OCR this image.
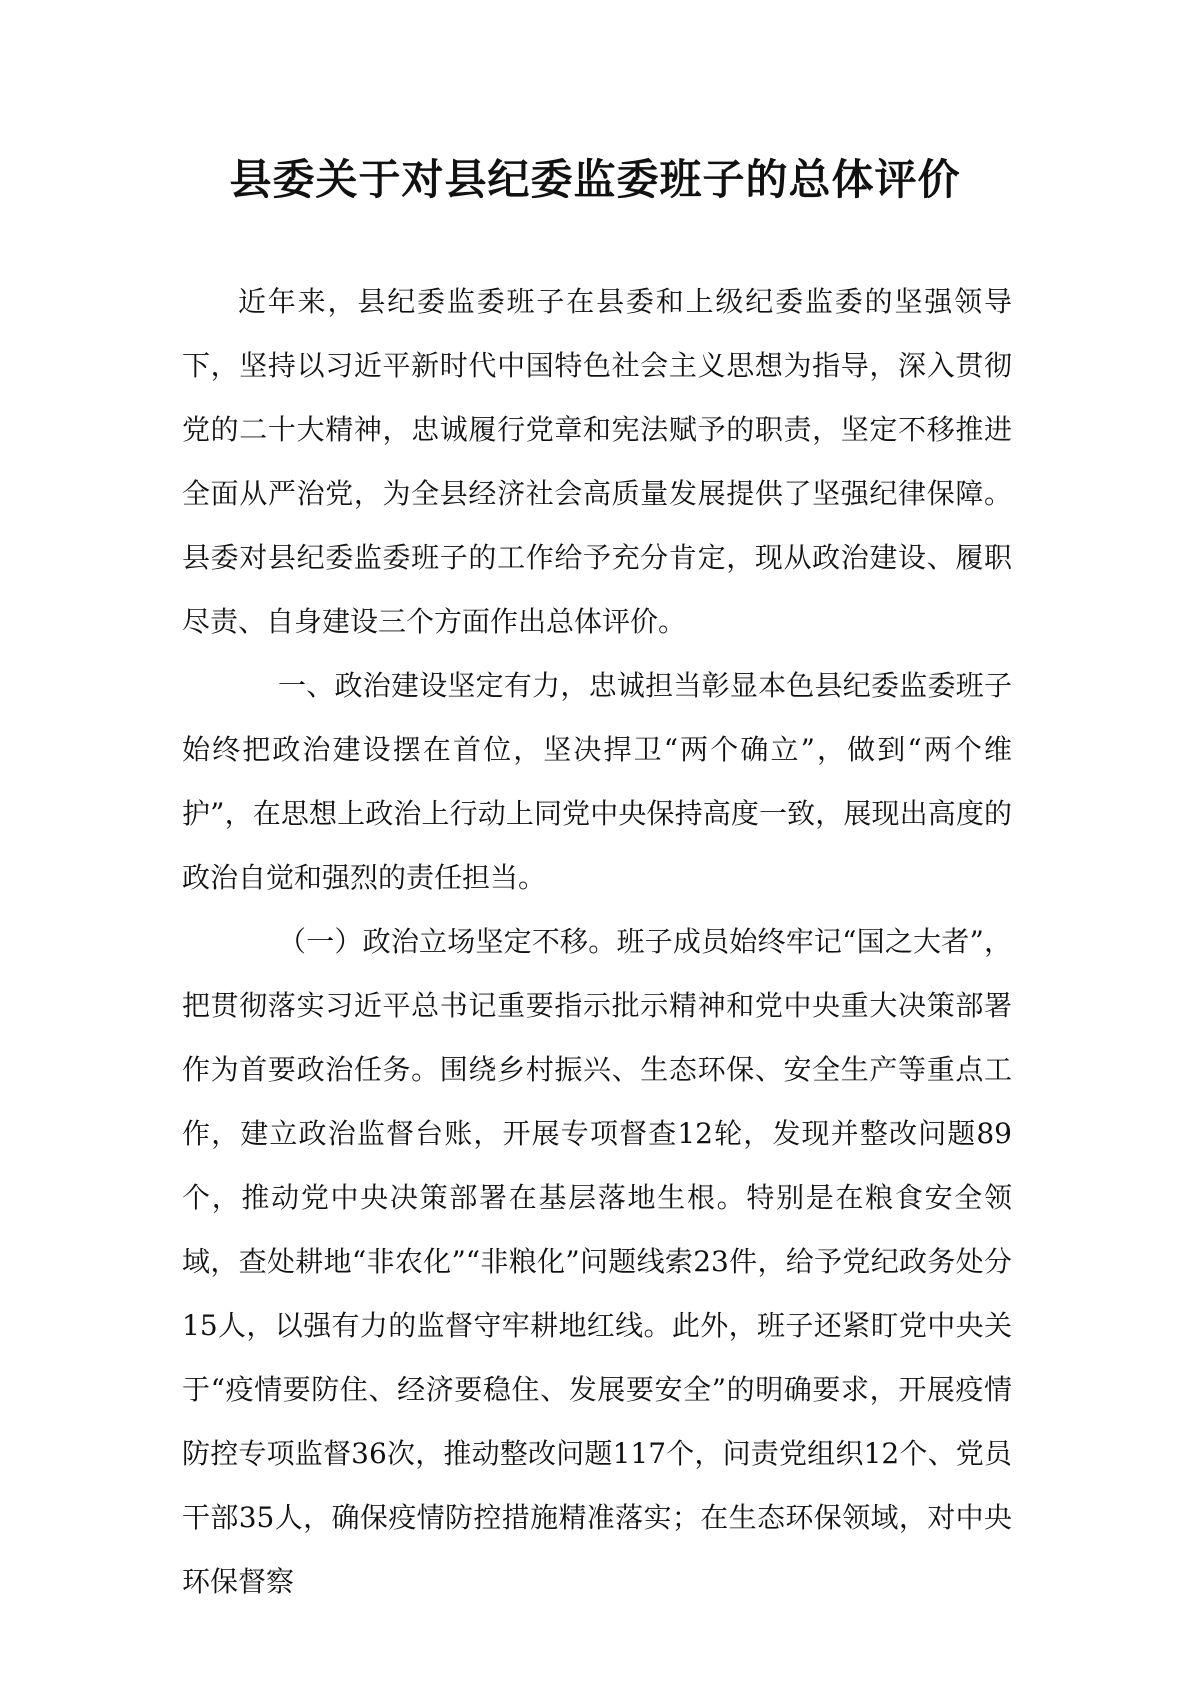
县委关于对县纪委监委班子的总体评价

近年来，县纪委监委班子在县委和上级纪委监委的坚强领导下，坚持以习近平新时代中国特色社会主义思想为指导，深入贯彻党的二十大精神，忠诚履行党章和宪法赋予的职责，坚定不移推进全面从严治党，为全县经济社会高质量发展提供了坚强纪律保障。县委对县纪委监委班子的工作给予充分肯定，现从政治建设、履职尽责、自身建设三个方面作出总体评价。

一、政治建设坚定有力，忠诚担当彰显本色县纪委监委班子始终把政治建设摆在首位，坚决捍卫“两个确立”，做到“两个维护”，在思想上政治上行动上同党中央保持高度一致，展现出高度的政治自觉和强烈的责任担当。

（一）政治立场坚定不移。班子成员始终牢记“国之大者”，把贯彻落实习近平总书记重要指示批示精神和党中央重大决策部署作为首要政治任务。围绕乡村振兴、生态环保、安全生产等重点工作，建立政治监督台账，开展专项督查12轮，发现并整改问题89个，推动党中央决策部署在基层落地生根。特别是在粮食安全领域，查处耕地“非农化”“非粮化”问题线索23件，给予党纪政务处分15人，以强有力的监督守牢耕地红线。此外，班子还紧盯党中央关于“疫情要防住、经济要稳住、发展要安全”的明确要求，开展疫情防控专项监督36次，推动整改问题117个，问责党组织12个、党员干部35人，确保疫情防控措施精准落实；在生态环保领域，对中央环保督察
